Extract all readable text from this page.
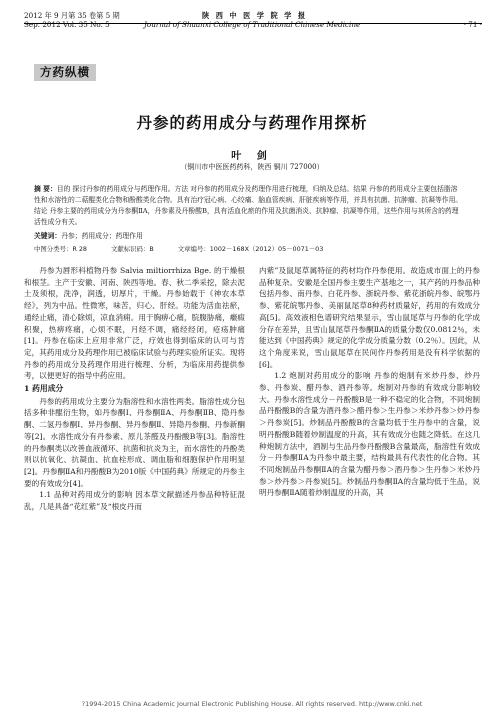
2012 年 9 月第 35 卷第 5 期	陕 西 中 医 学 院 学 报
Sep. 2012 Vol. 35 No. 5	Journal of Shaanxi College of Traditional Chinese Medicine	· 71 ·
方药纵横
丹参的药用成分与药理作用探析
叶 剑
（铜川市中医医药药科，陕西 铜川 727000）
摘 要：目的 探讨丹参的药用成分与药理作用。方法 对丹参的药用成分及药理作用进行梳理，归纳及总结。结果 丹参的药用成分主要包括脂溶性和水溶性的二萜醌类化合物和酚酸类化合物。具有治疗冠心病、心绞痛、脑血管疾病、肝脏疾病等作用，并具有抗菌、抗肿瘤、抗凝等作用。结论 丹参主要的药用成分为丹参酮ⅡA，丹参素及丹酚酸B，具有活血化瘀的作用及抗菌消炎、抗肿瘤、抗凝等作用，这些作用与其所含的药理活性成分有关。
关键词：丹参；药用成分；药理作用
中图分类号：R 28	文献标识码：B	文章编号：1002－168X（2012）05－0071－03

丹参为唇形科植物丹参 Salvia miltiorrhiza Bge. 的干燥根和根茎。主产于安徽、河南、陕西等地。春、秋二季采挖，除去泥土及须根，洗净，润透，切厚片，干燥。丹参始载于《神农本草经》，列为中品。性微寒，味苦，归心、肝经。功能为活血祛瘀，通经止痛，清心除烦，凉血消痈。用于胸痹心痛，脘腹胁痛，癥瘕积聚，热痹疼痛，心烦不眠，月经不调，痛经经闭，疮疡肿痛[1]。丹参在临床上应用非常广泛，疗效也得到临床的认可与肯定，其药用成分及药理作用已被临床试验与药理实验所证实。现将丹参的药用成分及药理作用进行梳理、分析，为临床用药提供参考，以便更好的指导中药应用。

1 药用成分

丹参的药用成分主要分为脂溶性和水溶性两类。脂溶性成分包括多种非醌衍生物，如丹参酮Ⅰ、丹参酮ⅡA、丹参酮ⅡB、隐丹参酮、二氢丹参酮Ⅰ、异丹参酮、异丹参酮Ⅱ、异隐丹参酮、丹参新酮等[2]。水溶性成分有丹参素、原儿茶醛及丹酚酸B等[3]。脂溶性的丹参酮类以改善血液循环、抗菌和抗炎为主，而水溶性的丹酚类则以抗氧化、抗凝血、抗血栓形成、调血脂和细胞保护作用明显[2]。丹参酮ⅡA和丹酚酸B为2010版《中国药典》所规定的丹参主要的有效成分[4]。

1.1 品种对药用成分的影响 因本草文献描述丹参品种特征混乱，几是具备“花红紫”及“根皮丹而

内紫”及鼠尾草属特征的药材均作丹参使用。故造成市面上的丹参品种复杂。安徽是全国丹参主要生产基地之一，其产药的丹参品种包括丹参、南丹参、白花丹参、浙皖丹参、紫花浙皖丹参、皖鄂丹参、紫花皖鄂丹参、美丽鼠尾草8种药材质量好，药用的有效成分高[5]。高效液相色谱研究结果显示，雪山鼠尾草与丹参的化学成分存在差异，且雪山鼠尾草丹参酮ⅡA的质量分数仅0.0812％，未能达到《中国药典》规定的化学成分质量分数（0.2％）。因此，从这个角度来说，雪山鼠尾草在民间作丹参药用是没有科学依据的[6]。

1.2 炮制对药用成分的影响 丹参的炮制有米炒丹参、炒丹参、丹参炭、醋丹参、酒丹参等。炮制对丹参的有效成分影响较大。丹参水溶性成分－丹酚酸B是一种不稳定的化合物，不同炮制品丹酚酸B的含量为酒丹参＞醋丹参＞生丹参＞米炒丹参＞炒丹参＞丹参炭[5]。炒制品丹酚酸B的含量均低于生丹参中的含量，说明丹酚酸B随着炒制温度的升高，其有效成分也随之降低。在这几种炮制方法中，酒制与生品丹参丹酚酸B含量最高，脂溶性有效成分－丹参酮ⅡA为丹参中最主要，结构最具有代表性的化合物。其不同炮制品丹参酮ⅡA的含量为醋丹参＞酒丹参＞生丹参＞米炒丹参＞炒丹参＞丹参炭[5]。炒制品丹参酮ⅡA的含量均低于生品，说明丹参酮ⅡA随着炒制温度的升高，其

?1994-2015 China Academic Journal Electronic Publishing House. All rights reserved. http://www.cnki.net
